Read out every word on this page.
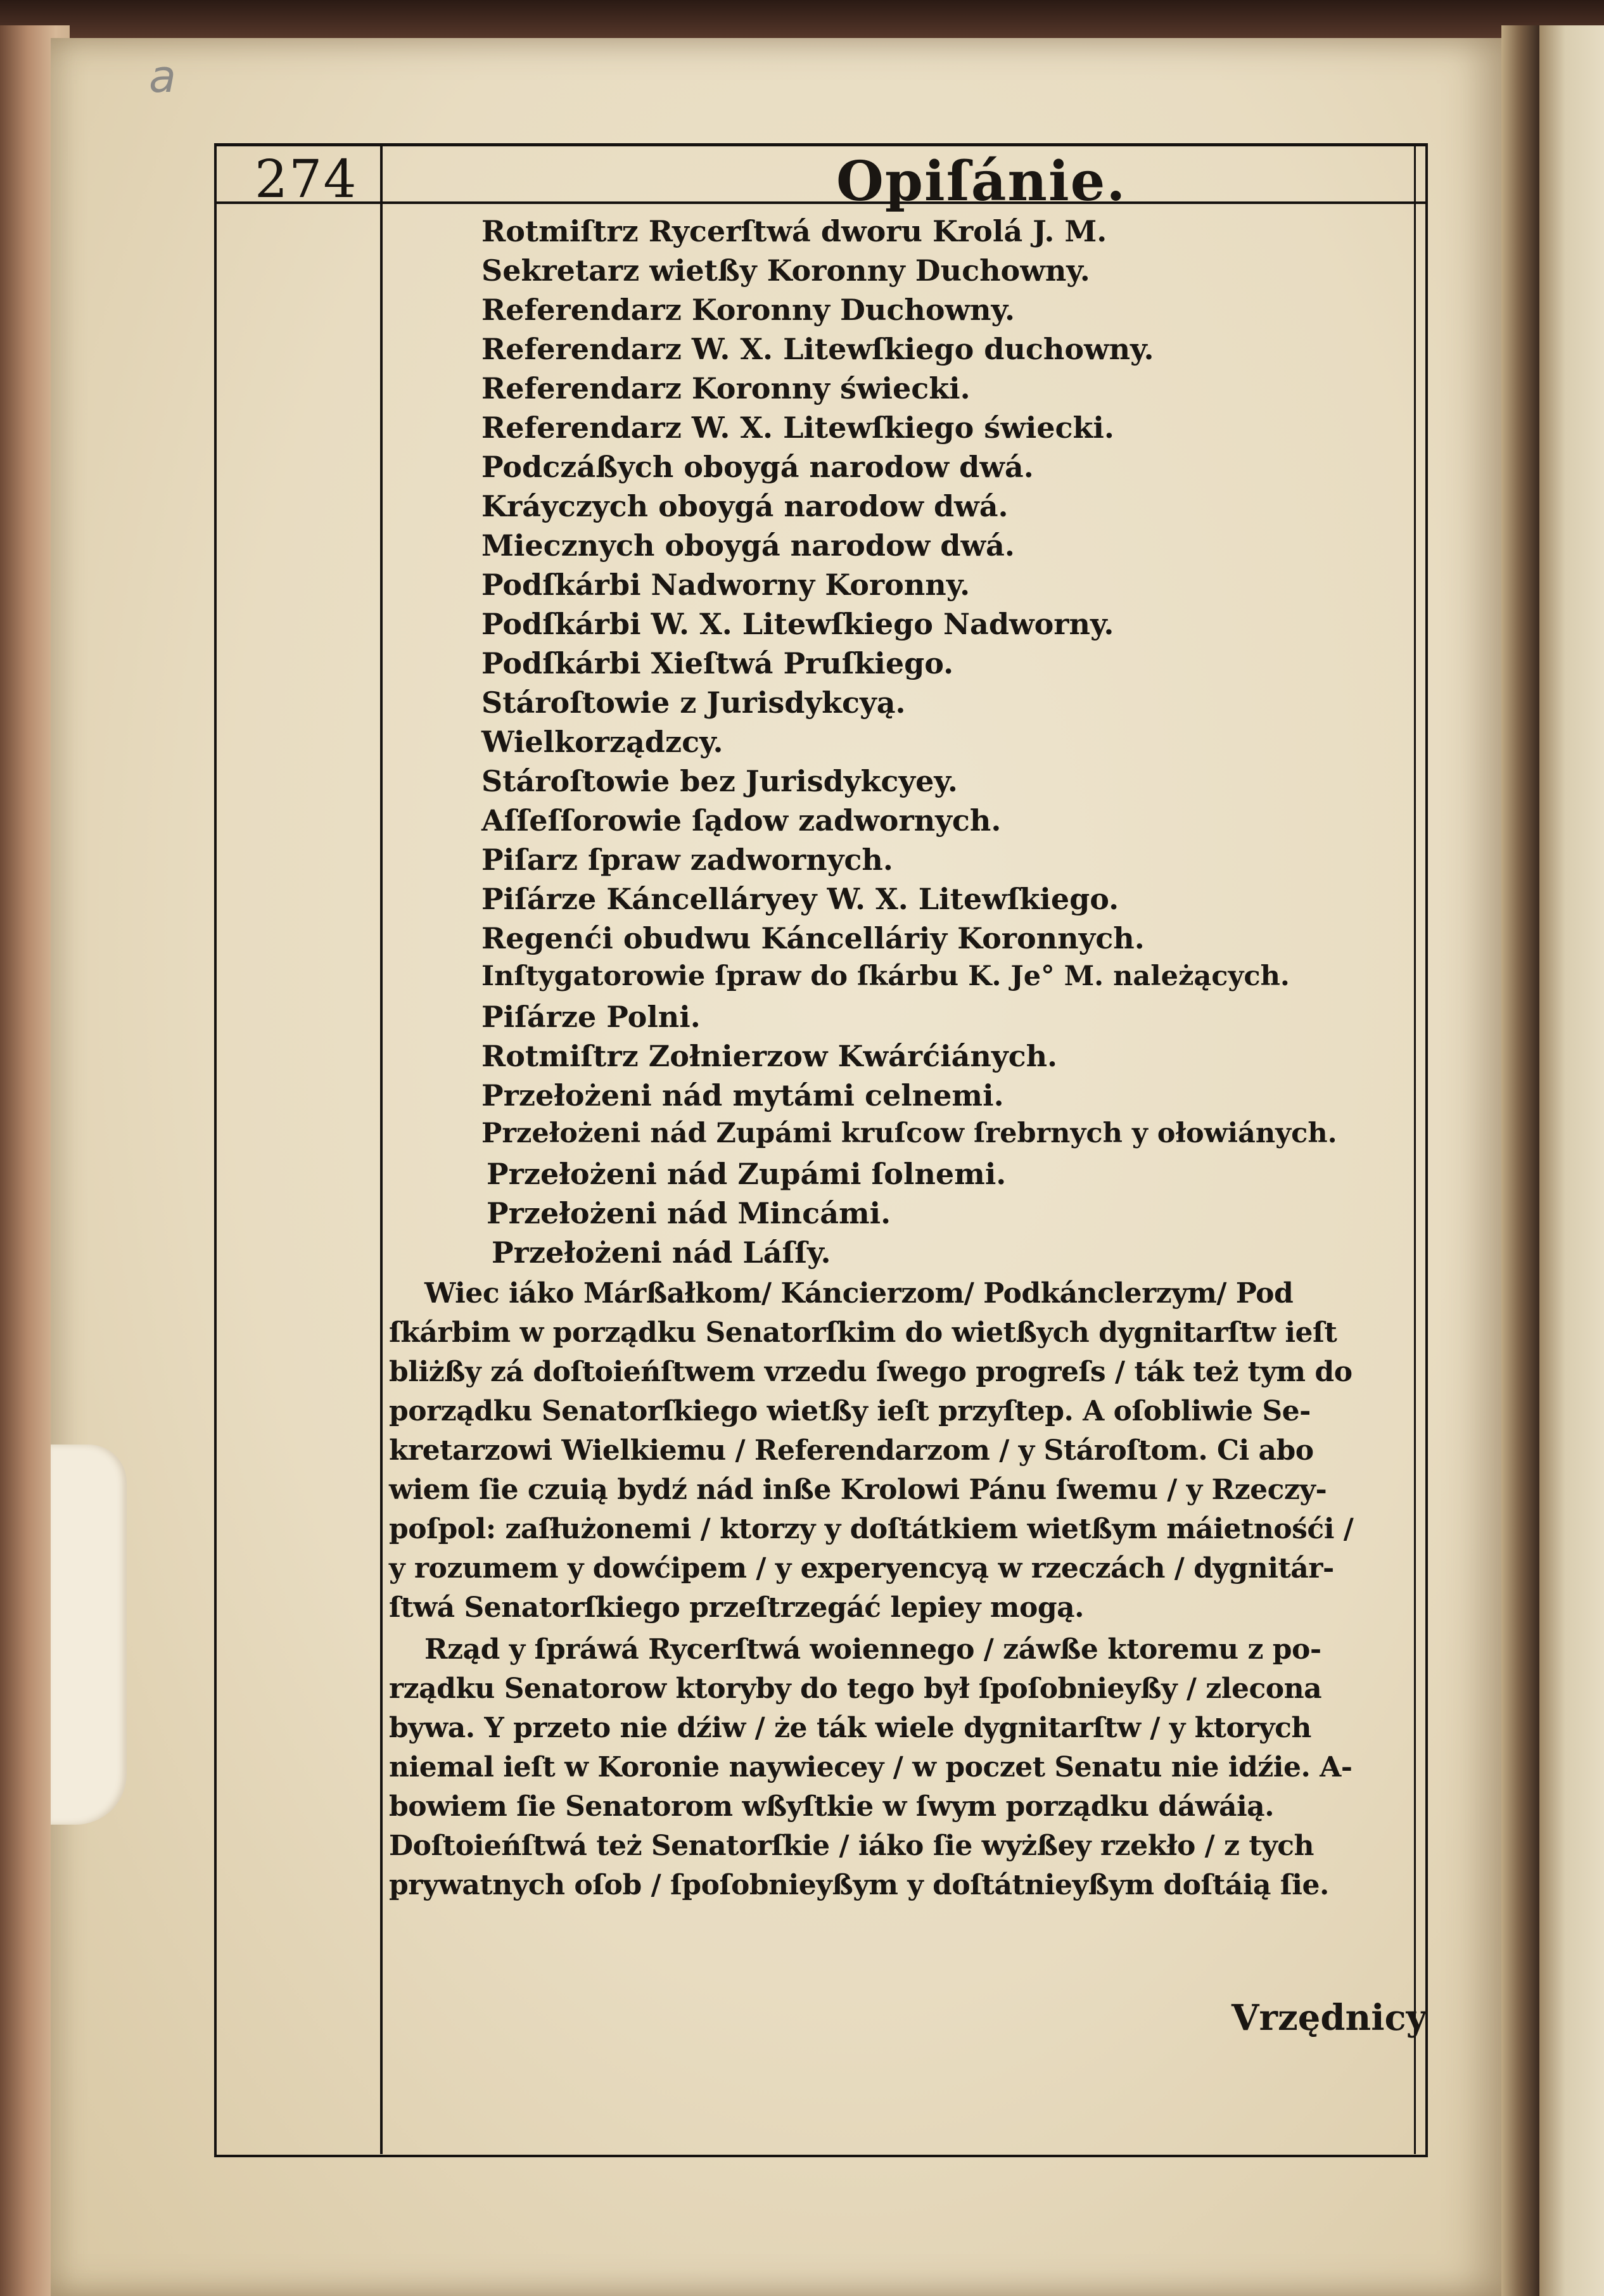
a
274	Opiſánie.
Rotmiſtrz Rycerſtwá dworu Krolá J. M.
Sekretarz wietßy Koronny Duchowny.
Referendarz Koronny Duchowny.
Referendarz W. X. Litewſkiego duchowny.
Referendarz Koronny świecki.
Referendarz W. X. Litewſkiego świecki.
Podczáßych oboygá narodow dwá.
Kráyczych oboygá narodow dwá.
Miecznych oboygá narodow dwá.
Podſkárbi Nadworny Koronny.
Podſkárbi W. X. Litewſkiego Nadworny.
Podſkárbi Xieſtwá Pruſkiego.
Stároſtowie z Jurisdykcyą.
Wielkorządzcy.
Stároſtowie bez Jurisdykcyey.
Aſſeſſorowie ſądow zadwornych.
Piſarz ſpraw zadwornych.
Piſárze Káncelláryey W. X. Litewſkiego.
Regenći obudwu Káncelláriy Koronnych.
Inſtygatorowie ſpraw do ſkárbu K. Je° M. należących.
Piſárze Polni.
Rotmiſtrz Zołnierzow Kwárćiánych.
Przełożeni nád mytámi celnemi.
Przełożeni nád Zupámi kruſcow ſrebrnych y ołowiánych.
Przełożeni nád Zupámi ſolnemi.
Przełożeni nád Mincámi.
Przełożeni nád Láſſy.
Wiec iáko Márßałkom/ Káncierzom/ Podkánclerzym/ Pod
ſkárbim w porządku Senatorſkim do wietßych dygnitarſtw ieſt
bliżßy zá doſtoieńſtwem vrzedu ſwego progreſs / ták też tym do
porządku Senatorſkiego wietßy ieſt przyſtep. A oſobliwie Se-
kretarzowi Wielkiemu / Referendarzom / y Stároſtom. Ci abo
wiem ſie czuią bydź nád inße Krolowi Pánu ſwemu / y Rzeczy-
poſpol: zaſłużonemi / ktorzy y doſtátkiem wietßym máietnośći /
y rozumem y dowćipem / y experyencyą w rzeczách / dygnitár-
ſtwá Senatorſkiego przeſtrzegáć lepiey mogą.
Rząd y ſpráwá Rycerſtwá woiennego / záwße ktoremu z po-
rządku Senatorow ktoryby do tego był ſpoſobnieyßy / zlecona
bywa. Y przeto nie dźiw / że ták wiele dygnitarſtw / y ktorych
niemal ieſt w Koronie naywiecey / w poczet Senatu nie idźie. A-
bowiem ſie Senatorom wßyſtkie w ſwym porządku dáwáią.
Doſtoieńſtwá też Senatorſkie / iáko ſie wyżßey rzekło / z tych
prywatnych oſob / ſpoſobnieyßym y doſtátnieyßym doſtáią ſie.
Vrzędnicy
